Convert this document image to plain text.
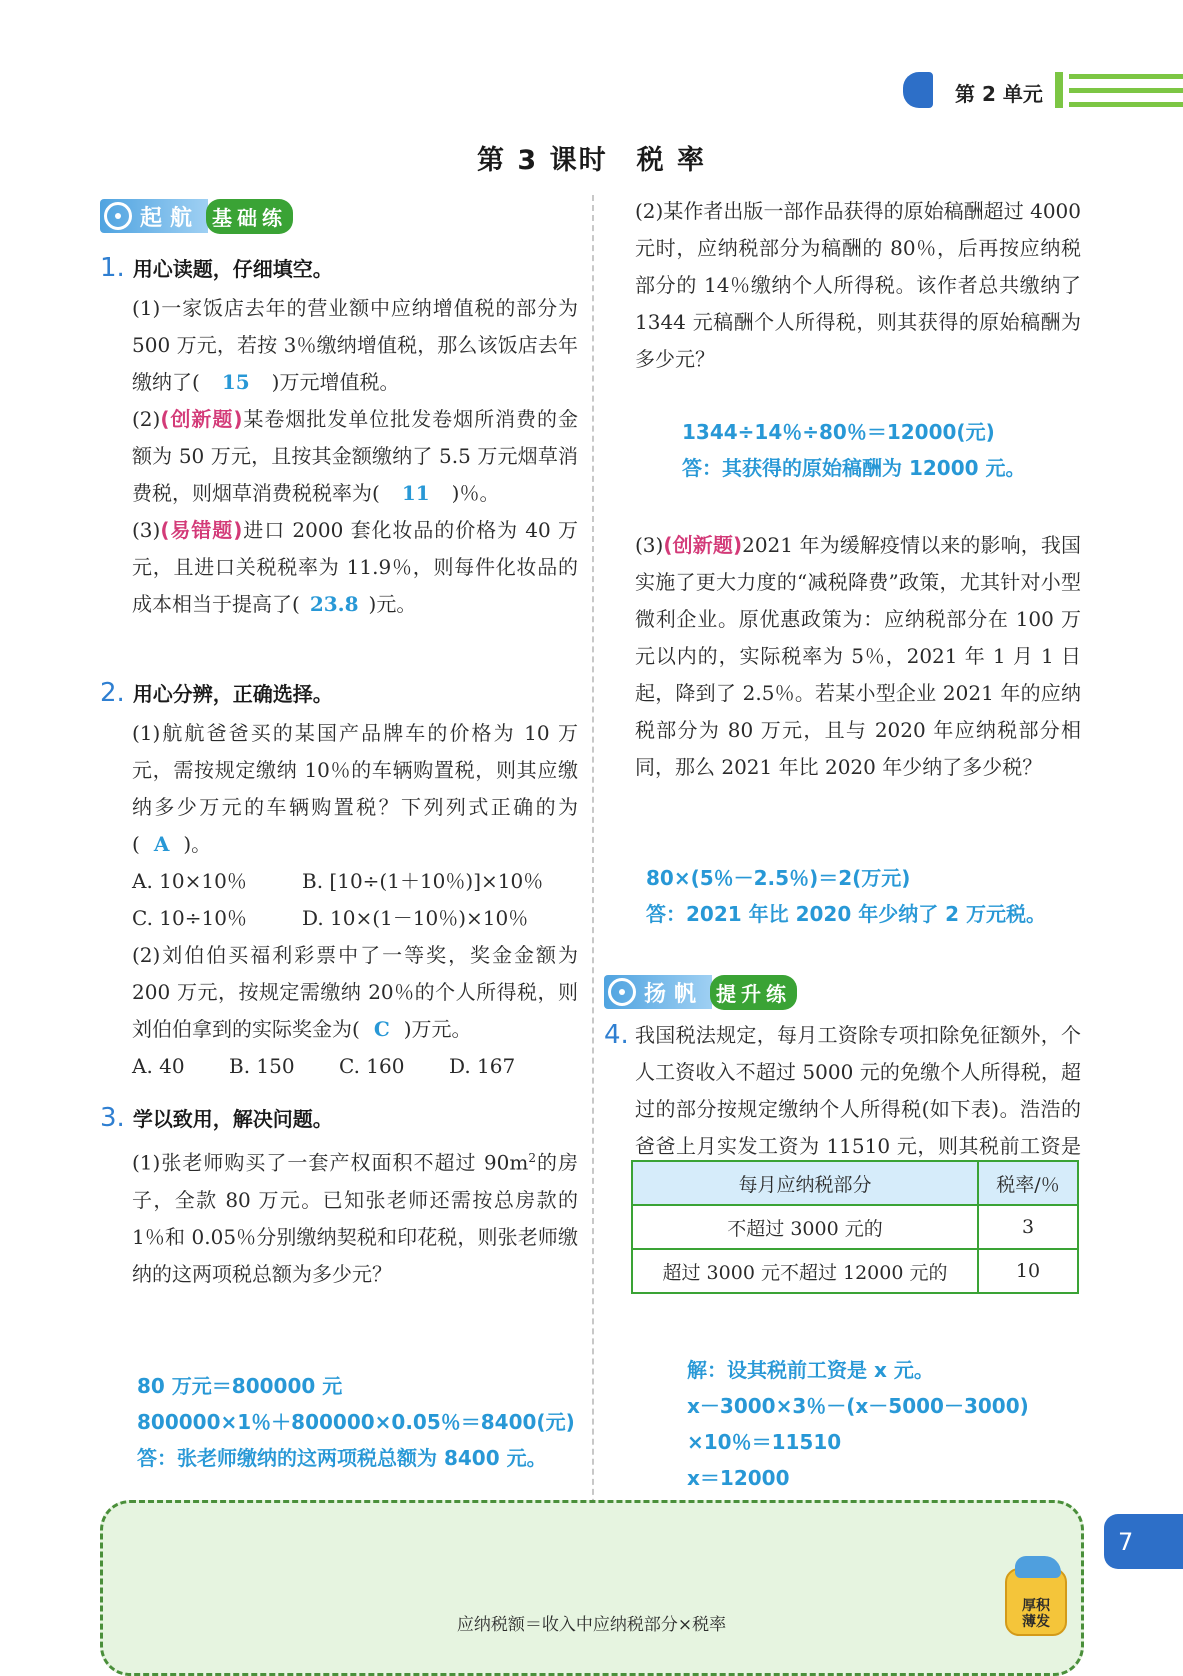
第 2 单元
第 3 课时　税 率
起航 基础练
1. 用心读题，仔细填空。
(1)一家饭店去年的营业额中应纳增值税的部分为 500 万元，若按 3％缴纳增值税，那么该饭店去年缴纳了( 15 )万元增值税。
(2)(创新题)某卷烟批发单位批发卷烟所消费的金额为 50 万元，且按其金额缴纳了 5.5 万元烟草消费税，则烟草消费税税率为( 11 )％。
(3)(易错题)进口 2000 套化妆品的价格为 40 万元，且进口关税税率为 11.9％，则每件化妆品的成本相当于提高了( 23.8 )元。
2. 用心分辨，正确选择。
(1)航航爸爸买的某国产品牌车的价格为 10 万元，需按规定缴纳 10％的车辆购置税，则其应缴纳多少万元的车辆购置税？下列列式正确的为( A )。
A. 10×10％	B. [10÷(1＋10％)]×10％
C. 10÷10％	D. 10×(1－10％)×10％
(2)刘伯伯买福利彩票中了一等奖，奖金金额为 200 万元，按规定需缴纳 20％的个人所得税，则刘伯伯拿到的实际奖金为( C )万元。
A. 40	B. 150	C. 160	D. 167
3. 学以致用，解决问题。
(1)张老师购买了一套产权面积不超过 $90m^2$的房子，全款 80 万元。已知张老师还需按总房款的 1％和 0.05％分别缴纳契税和印花税，则张老师缴纳的这两项税总额为多少元？
80 万元＝800000 元
800000×1％＋800000×0.05％＝8400(元)
答：张老师缴纳的这两项税总额为 8400 元。
(2)某作者出版一部作品获得的原始稿酬超过 4000 元时，应纳税部分为稿酬的 80％，后再按应纳税部分的 14％缴纳个人所得税。该作者总共缴纳了 1344 元稿酬个人所得税，则其获得的原始稿酬为多少元？
1344÷14％÷80％＝12000(元)
答：其获得的原始稿酬为 12000 元。
(3)(创新题)2021 年为缓解疫情以来的影响，我国实施了更大力度的“减税降费”政策，尤其针对小型微利企业。原优惠政策为：应纳税部分在 100 万元以内的，实际税率为 5％，2021 年 1 月 1 日起，降到了 2.5％。若某小型企业 2021 年的应纳税部分为 80 万元，且与 2020 年应纳税部分相同，那么 2021 年比 2020 年少纳了多少税？
80×(5％－2.5％)＝2(万元)
答：2021 年比 2020 年少纳了 2 万元税。
扬帆 提升练
4. 我国税法规定，每月工资除专项扣除免征额外，个人工资收入不超过 5000 元的免缴个人所得税，超过的部分按规定缴纳个人所得税(如下表)。浩浩的爸爸上月实发工资为 11510 元，则其税前工资是
每月应纳税部分	税率/％
不超过 3000 元的	3
超过 3000 元不超过 12000 元的	10
解：设其税前工资是 x 元。
x－3000×3％－(x－5000－3000)
×10％＝11510
x＝12000
应纳税额＝收入中应纳税部分×税率
厚积
薄发
7
